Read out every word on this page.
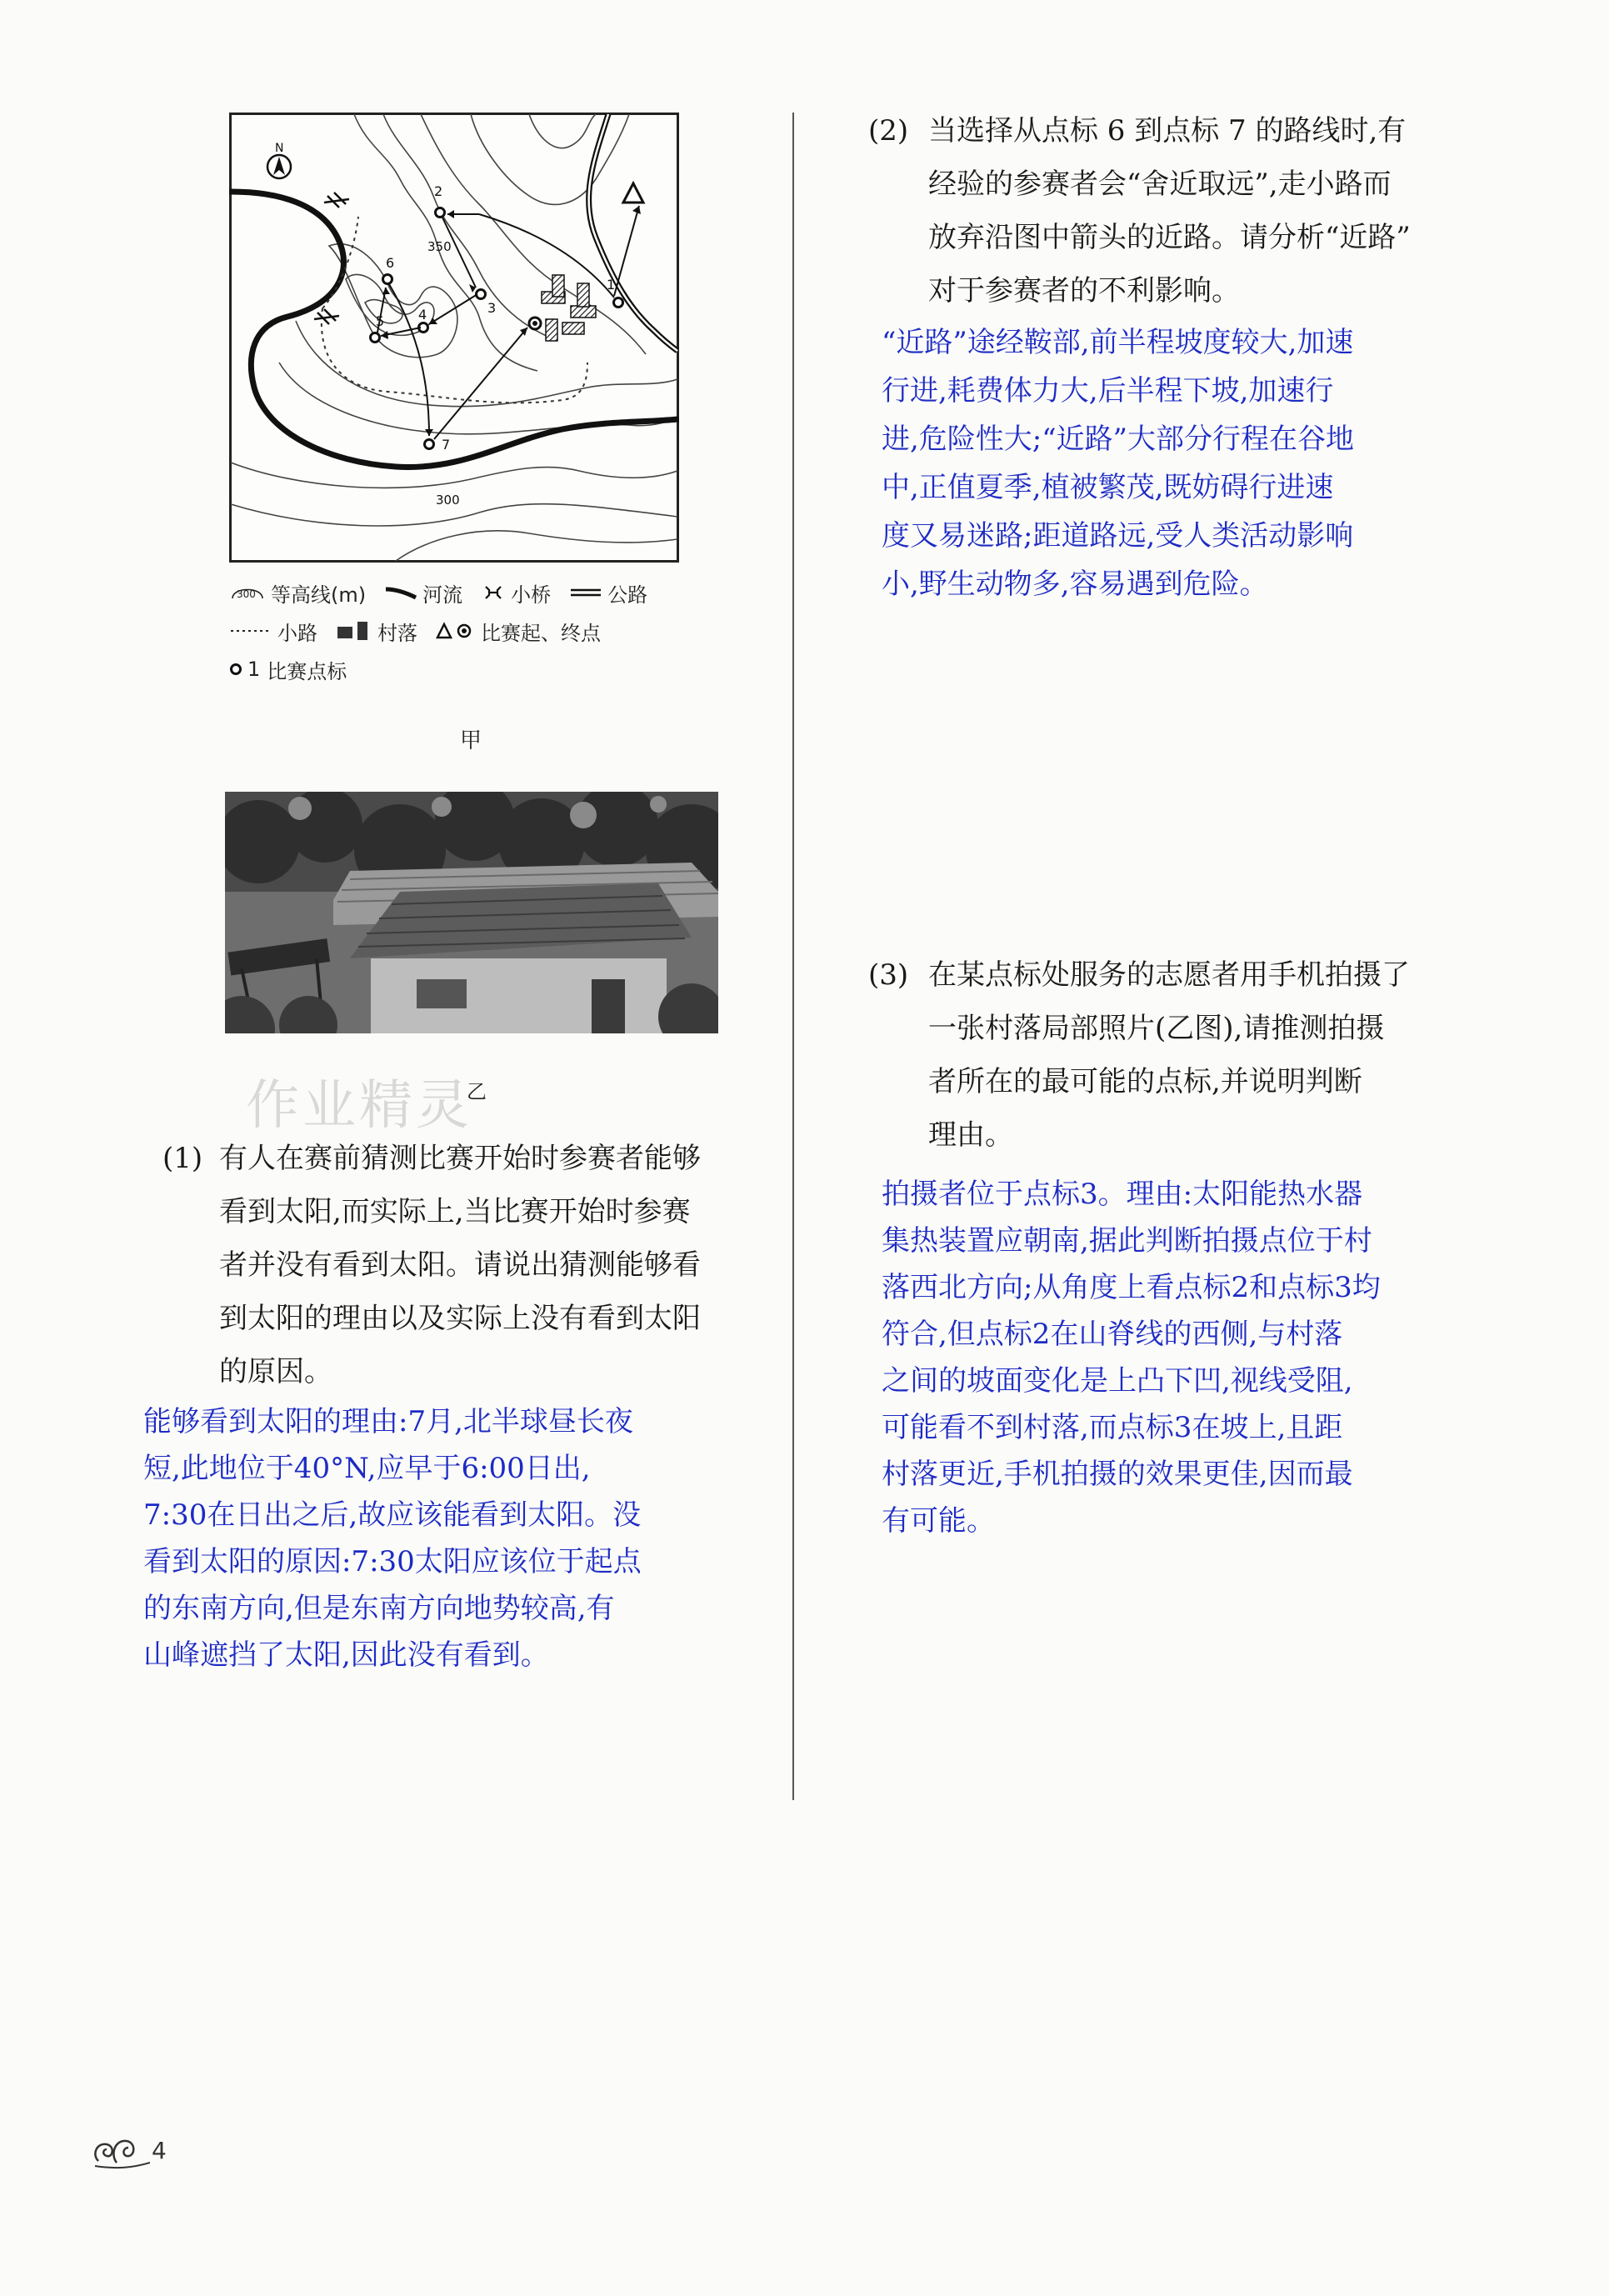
1
2
3
4
5
6
7
350
300
N
300 等高线(m)	河流 小桥	公路
小路	村落	比赛起、终点
1 比赛点标
甲
作业精灵
乙
(1) 有人在赛前猜测比赛开始时参赛者能够
看到太阳,而实际上,当比赛开始时参赛
者并没有看到太阳。请说出猜测能够看
到太阳的理由以及实际上没有看到太阳
的原因。
能够看到太阳的理由:7月,北半球昼长夜
短,此地位于40°N,应早于6:00日出,
7:30在日出之后,故应该能看到太阳。没
看到太阳的原因:7:30太阳应该位于起点
的东南方向,但是东南方向地势较高,有
山峰遮挡了太阳,因此没有看到。
(2) 当选择从点标 6 到点标 7 的路线时,有
经验的参赛者会“舍近取远”,走小路而
放弃沿图中箭头的近路。请分析“近路”
对于参赛者的不利影响。
“近路”途经鞍部,前半程坡度较大,加速
行进,耗费体力大,后半程下坡,加速行
进,危险性大;“近路”大部分行程在谷地
中,正值夏季,植被繁茂,既妨碍行进速
度又易迷路;距道路远,受人类活动影响
小,野生动物多,容易遇到危险。
(3) 在某点标处服务的志愿者用手机拍摄了
一张村落局部照片(乙图),请推测拍摄
者所在的最可能的点标,并说明判断
理由。
拍摄者位于点标3。理由:太阳能热水器
集热装置应朝南,据此判断拍摄点位于村
落西北方向;从角度上看点标2和点标3均
符合,但点标2在山脊线的西侧,与村落
之间的坡面变化是上凸下凹,视线受阻,
可能看不到村落,而点标3在坡上,且距
村落更近,手机拍摄的效果更佳,因而最
有可能。
4
